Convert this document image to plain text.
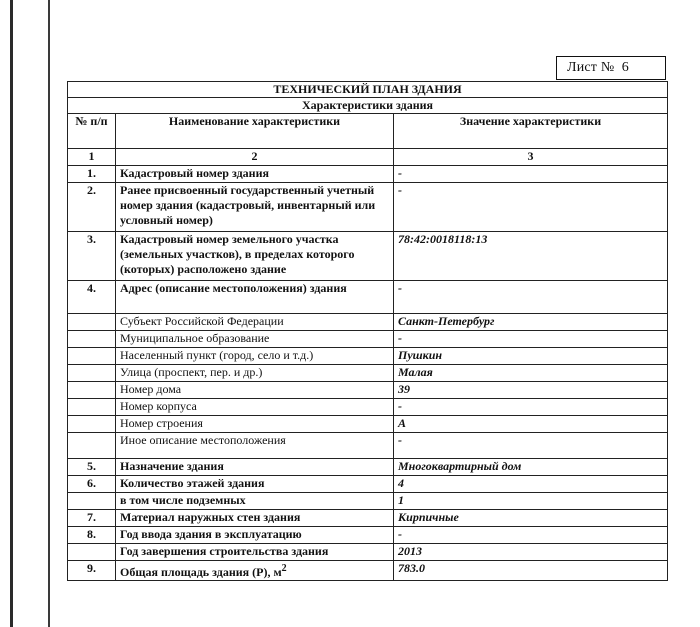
Лист № 6
ТЕХНИЧЕСКИЙ ПЛАН ЗДАНИЯ		
Характеристики здания		
№ п/п	Наименование характеристики	Значение характеристики
1	2	3
1.	Кадастровый номер здания	-
2.	Ранее присвоенный государственный учетный номер здания (кадастровый, инвентарный или условный номер)	-
3.	Кадастровый номер земельного участка (земельных участков), в пределах которого (которых) расположено здание	78:42:0018118:13
4.	Адрес (описание местоположения) здания	-
	Субъект Российской Федерации	Санкт-Петербург
	Муниципальное образование	-
	Населенный пункт (город, село и т.д.)	Пушкин
	Улица (проспект, пер. и др.)	Малая
	Номер дома	39
	Номер корпуса	-
	Номер строения	А
	Иное описание местоположения	-
5.	Назначение здания	Многоквартирный дом
6.	Количество этажей здания	4
	в том числе подземных	1
7.	Материал наружных стен здания	Кирпичные
8.	Год ввода здания в эксплуатацию	-
	Год завершения строительства здания	2013
9.	Общая площадь здания (Р), $м^2$	783.0
